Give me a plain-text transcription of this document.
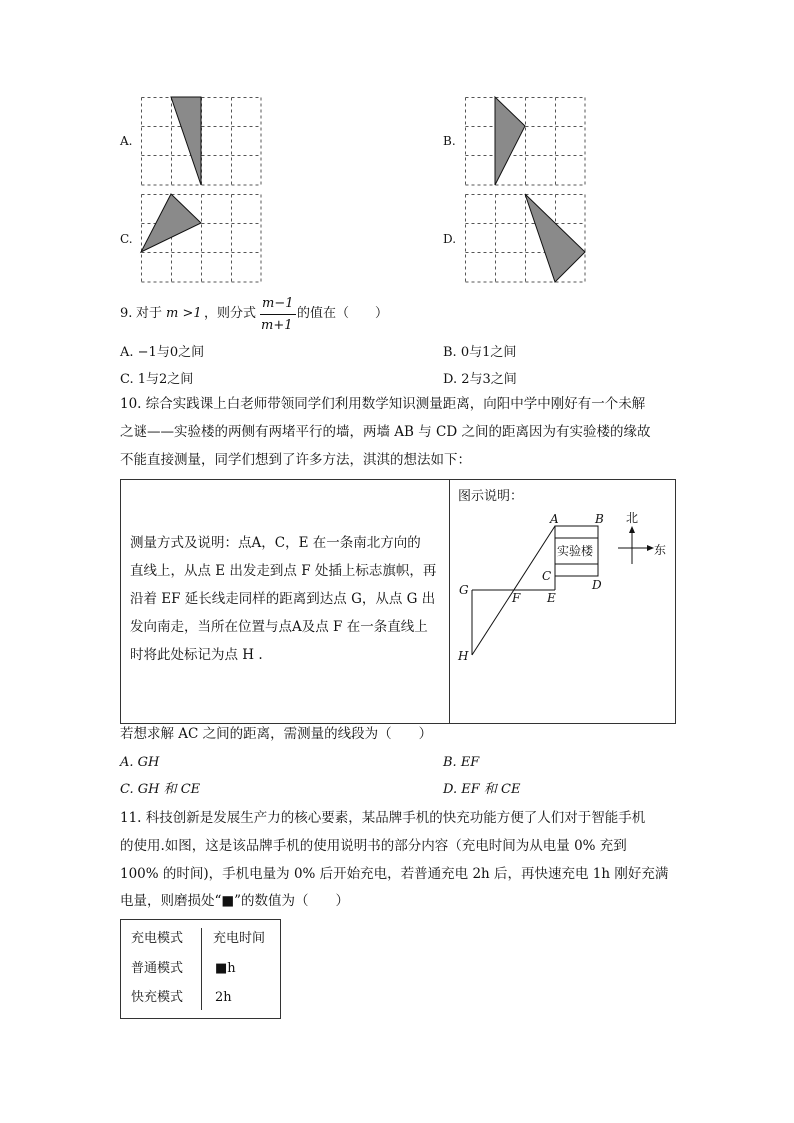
A.	B.
C.	D.
9. 对于 m >1 ，则分式
m−1
m+1
的值在（　　）
A. −1与0之间	B. 0与1之间
C. 1与2之间	D. 2与3之间
10. 综合实践课上白老师带领同学们利用数学知识测量距离，向阳中学中刚好有一个未解
之谜——实验楼的两侧有两堵平行的墙，两墙 AB 与 CD 之间的距离因为有实验楼的缘故
不能直接测量，同学们想到了许多方法，淇淇的想法如下：
测量方式及说明：点A，C，E 在一条南北方向的
直线上，从点 E 出发走到点 F 处插上标志旗帜，再
沿着 EF 延长线走同样的距离到达点 G，从点 G 出
发向南走，当所在位置与点A及点 F 在一条直线上
时将此处标记为点 H .
图示说明：
A	B
C
D
E
F
G
H
实验楼
北
东
若想求解 AC 之间的距离，需测量的线段为（　　）
A. GH	B. EF
C. GH 和 CE	D. EF 和 CE
11. 科技创新是发展生产力的核心要素，某品牌手机的快充功能方便了人们对于智能手机
的使用.如图，这是该品牌手机的使用说明书的部分内容（充电时间为从电量 0% 充到
100% 的时间)，手机电量为 0% 后开始充电，若普通充电 2h 后，再快速充电 1h 刚好充满
电量，则磨损处“■”的数值为（　　）
充电模式 充电时间
普通模式 ■h
快充模式 2h
